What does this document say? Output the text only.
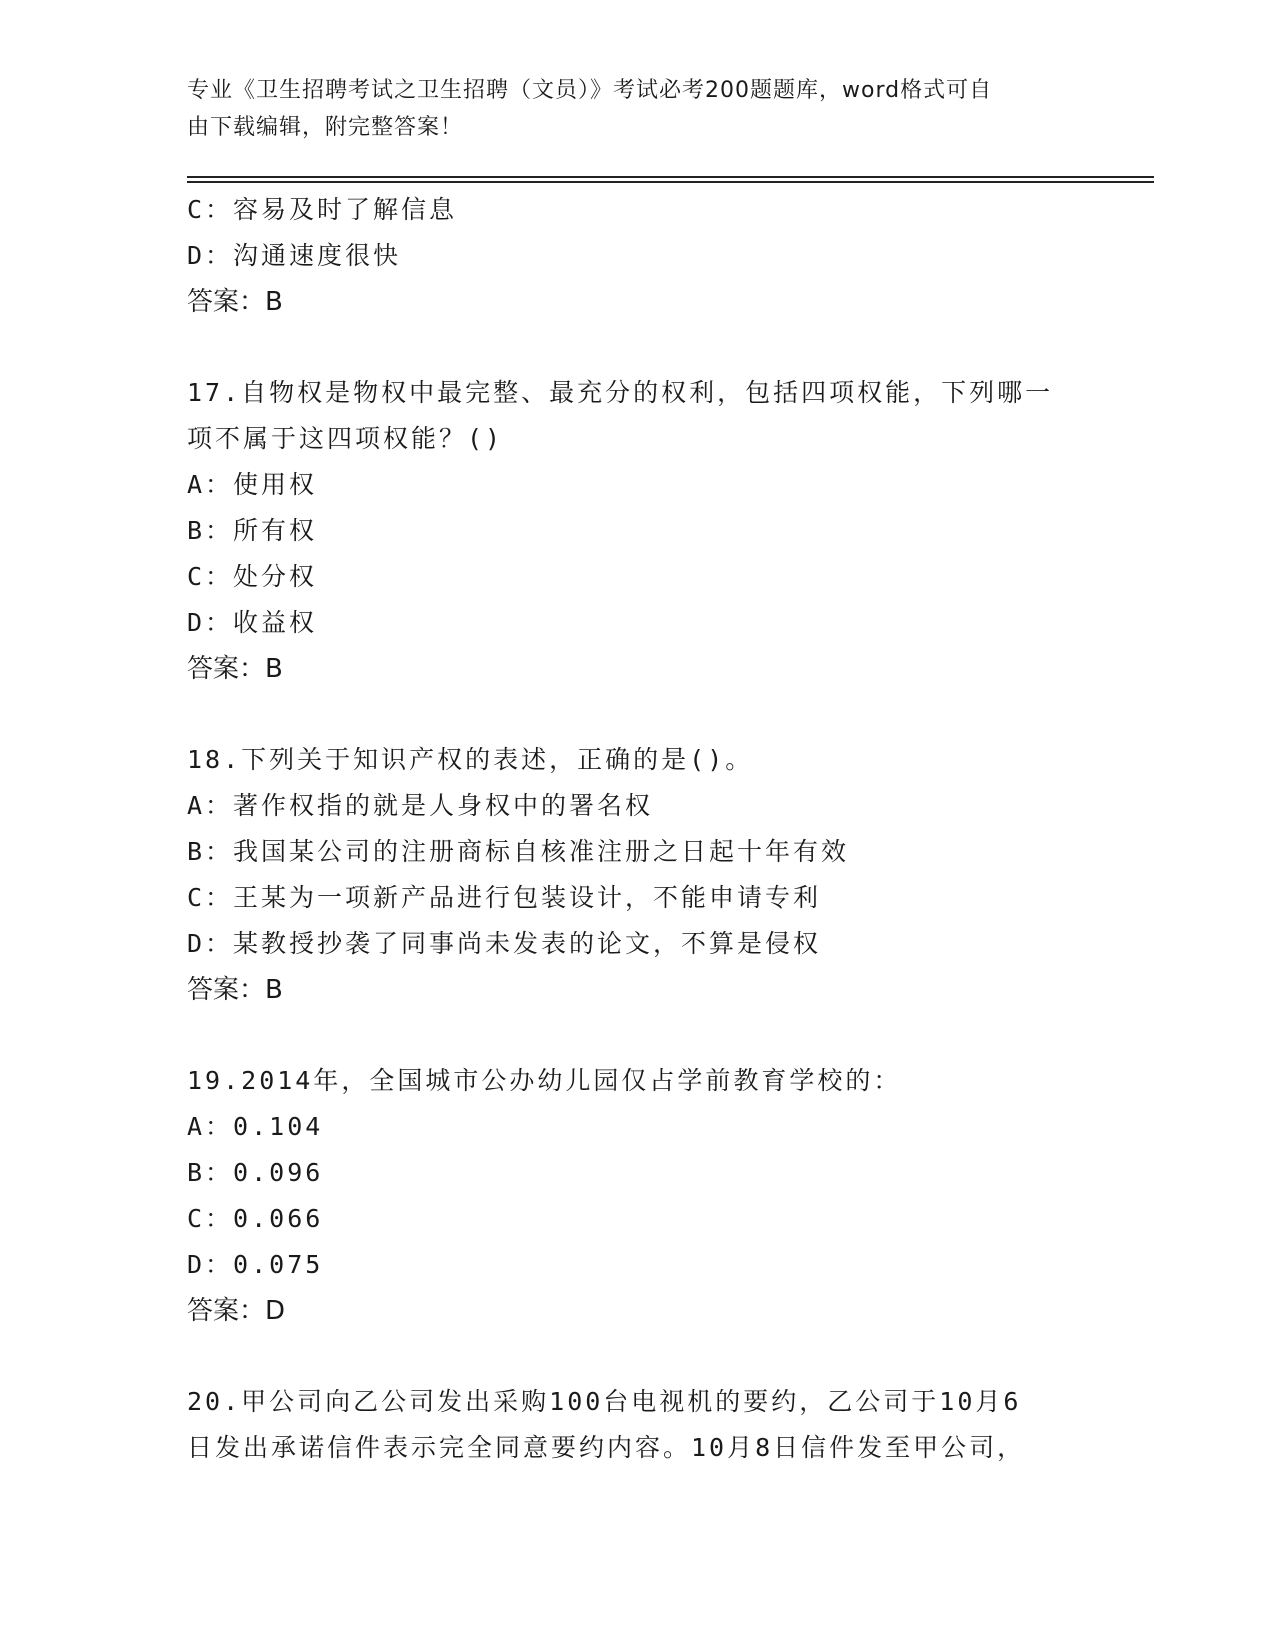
专业《卫生招聘考试之卫生招聘（文员）》考试必考200题题库，word格式可自
由下载编辑，附完整答案！
C：容易及时了解信息
D：沟通速度很快
答案：B
17.自物权是物权中最完整、最充分的权利，包括四项权能，下列哪一
项不属于这四项权能？()
A：使用权
B：所有权
C：处分权
D：收益权
答案：B
18.下列关于知识产权的表述，正确的是()。
A：著作权指的就是人身权中的署名权
B：我国某公司的注册商标自核准注册之日起十年有效
C：王某为一项新产品进行包装设计，不能申请专利
D：某教授抄袭了同事尚未发表的论文，不算是侵权
答案：B
19.2014年，全国城市公办幼儿园仅占学前教育学校的：
A：0.104
B：0.096
C：0.066
D：0.075
答案：D
20.甲公司向乙公司发出采购100台电视机的要约，乙公司于10月6
日发出承诺信件表示完全同意要约内容。10月8日信件发至甲公司，
